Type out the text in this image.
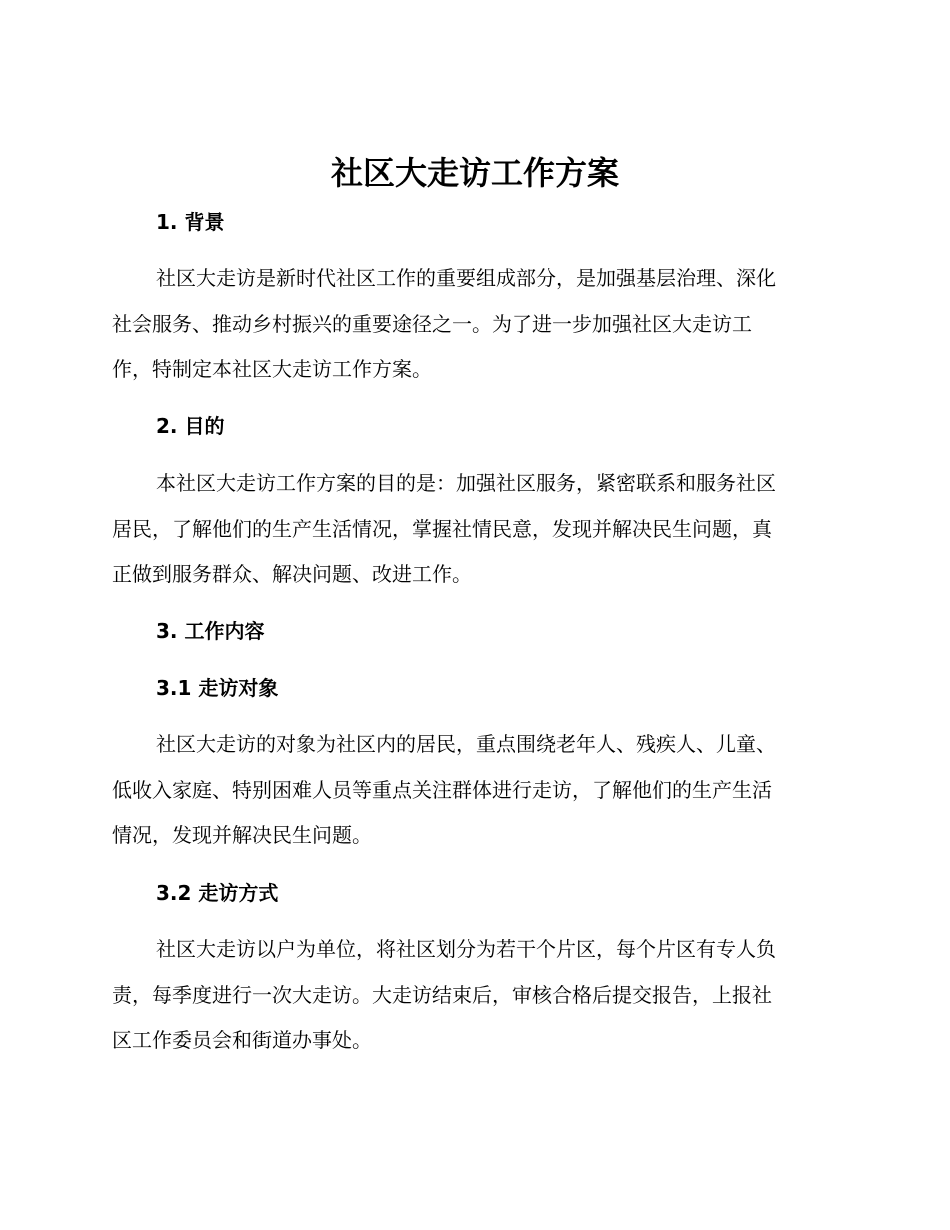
社区大走访工作方案
1. 背景

社区大走访是新时代社区工作的重要组成部分，是加强基层治理、深化
社会服务、推动乡村振兴的重要途径之一。为了进一步加强社区大走访工
作，特制定本社区大走访工作方案。

2. 目的

本社区大走访工作方案的目的是：加强社区服务，紧密联系和服务社区
居民，了解他们的生产生活情况，掌握社情民意，发现并解决民生问题，真
正做到服务群众、解决问题、改进工作。

3. 工作内容
3.1 走访对象

社区大走访的对象为社区内的居民，重点围绕老年人、残疾人、儿童、
低收入家庭、特别困难人员等重点关注群体进行走访，了解他们的生产生活
情况，发现并解决民生问题。

3.2 走访方式

社区大走访以户为单位，将社区划分为若干个片区，每个片区有专人负
责，每季度进行一次大走访。大走访结束后，审核合格后提交报告，上报社
区工作委员会和街道办事处。
